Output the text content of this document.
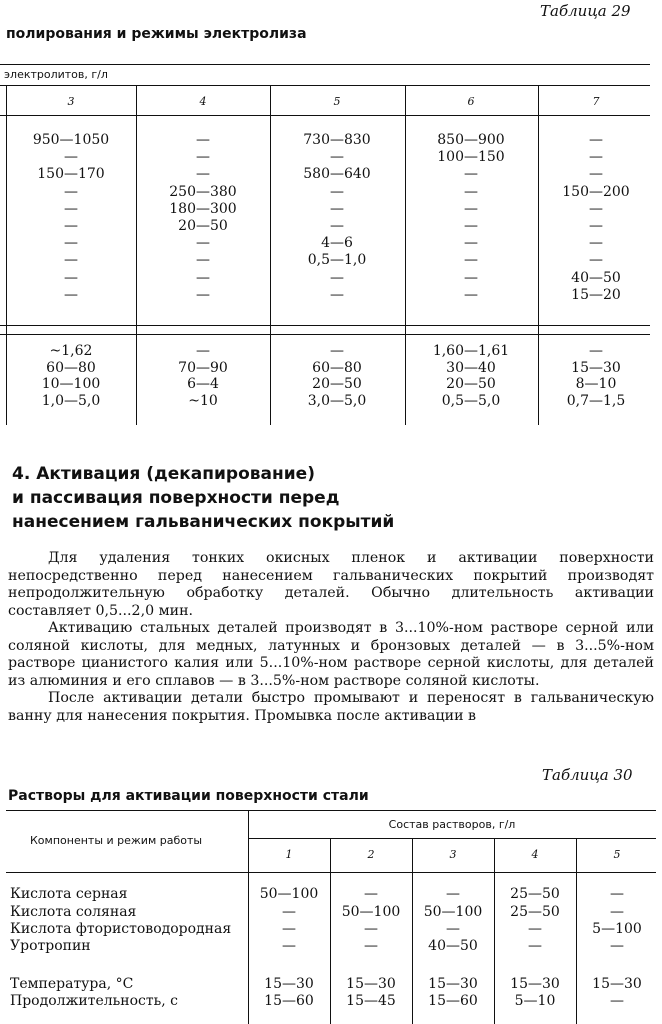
Таблица 29
полирования и режимы электролиза
электролитов, г/л
3	4	5	6	7
950—1050	—	730—830	850—900	—
—	—	—	100—150	—
150—170	—	580—640	—	—
—	250—380	—	—	150—200
—	180—300	—	—	—
—	20—50	—	—	—
—	—	4—6	—	—
—	—	0,5—1,0	—	—
—	—	—	—	40—50
—	—	—	—	15—20
~1,62	—	—	1,60—1,61	—
60—80	70—90	60—80	30—40	15—30
10—100	6—4	20—50	20—50	8—10
1,0—5,0	~10	3,0—5,0	0,5—5,0	0,7—1,5
4. Активация (декапирование)
и пассивация поверхности перед
нанесением гальванических покрытий

Для удаления тонких окисных пленок и активации поверхности непосредственно перед нанесением гальванических покрытий производят непродолжительную обработку деталей. Обычно длительность активации составляет 0,5...2,0 мин.

Активацию стальных деталей производят в 3...10%-ном растворе серной или соляной кислоты, для медных, латунных и бронзовых деталей — в 3...5%-ном растворе цианистого калия или 5...10%-ном растворе серной кислоты, для деталей из алюминия и его сплавов — в 3...5%-ном растворе соляной кислоты.

После активации детали быстро промывают и переносят в гальваническую ванну для нанесения покрытия. Промывка после активации в

Таблица 30
Растворы для активации поверхности стали
Компоненты и режим работы
Состав растворов, г/л
1	2	3	4	5
Кислота серная	50—100	—	—	25—50	—
Кислота соляная	—	50—100	50—100	25—50	—
Кислота фтористоводородная	—	—	—	—	5—100
Уротропин	—	—	40—50	—	—
Температура, °С	15—30	15—30	15—30	15—30	15—30
Продолжительность, с	15—60	15—45	15—60	5—10	—
